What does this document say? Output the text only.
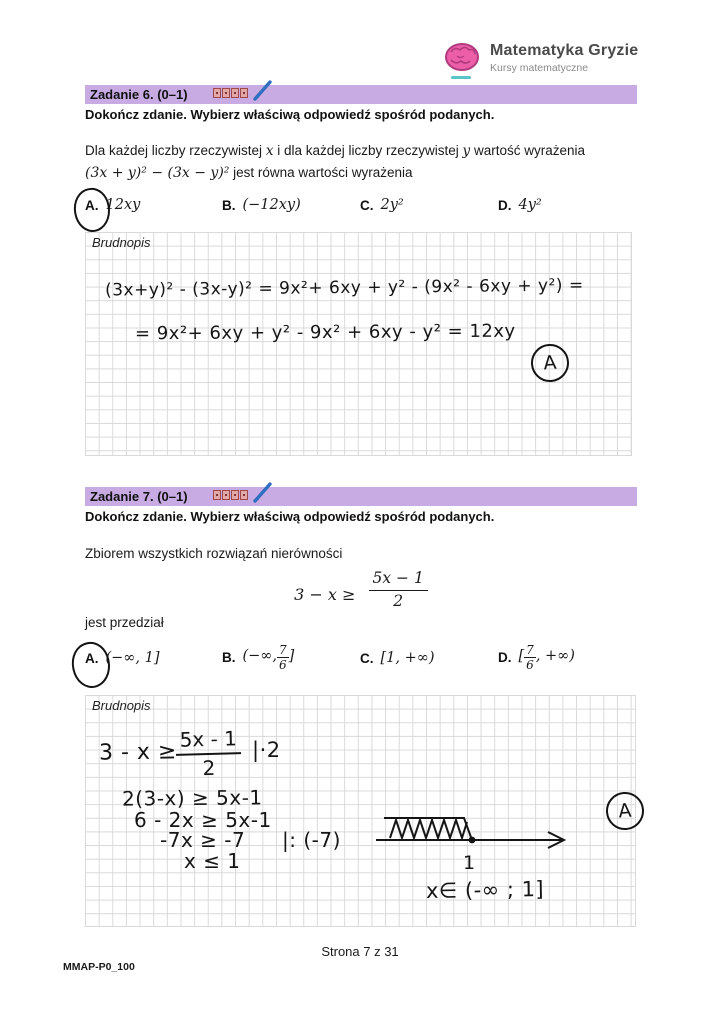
Matematyka Gryzie
Kursy matematyczne
Zadanie 6. (0–1)
Dokończ zdanie. Wybierz właściwą odpowiedź spośród podanych.
Dla każdej liczby rzeczywistej x i dla każdej liczby rzeczywistej y wartość wyrażenia
(3x + y)² − (3x − y)² jest równa wartości wyrażenia
A. 12xy	B. (−12xy)	C. 2y²	D. 4y²
Brudnopis
(3x+y)² - (3x-y)² = 9x²+ 6xy + y² - (9x² - 6xy + y²) =
= 9x²+ 6xy + y² - 9x² + 6xy - y² = 12xy
A
Zadanie 7. (0–1)
Dokończ zdanie. Wybierz właściwą odpowiedź spośród podanych.
Zbiorem wszystkich rozwiązań nierówności
$3 - x \ge \frac{5x - 1}{2}$
jest przedział
A. (−∞, 1]	B. (−∞, $\frac{7}{6}$ ]	C. [1, +∞)	D. [ $\frac{7}{6}$ , +∞)
Brudnopis
3 - x ≥
$\frac{5x - 1}{2} |\cdot 2$
2(3-x) ≥ 5x-1
6 - 2x ≥ 5x-1
-7x ≥ -7 |: (-7)
x ≤ 1	1
x∈ (-∞ ; 1]
A
Strona 7 z 31
MMAP-P0_100
